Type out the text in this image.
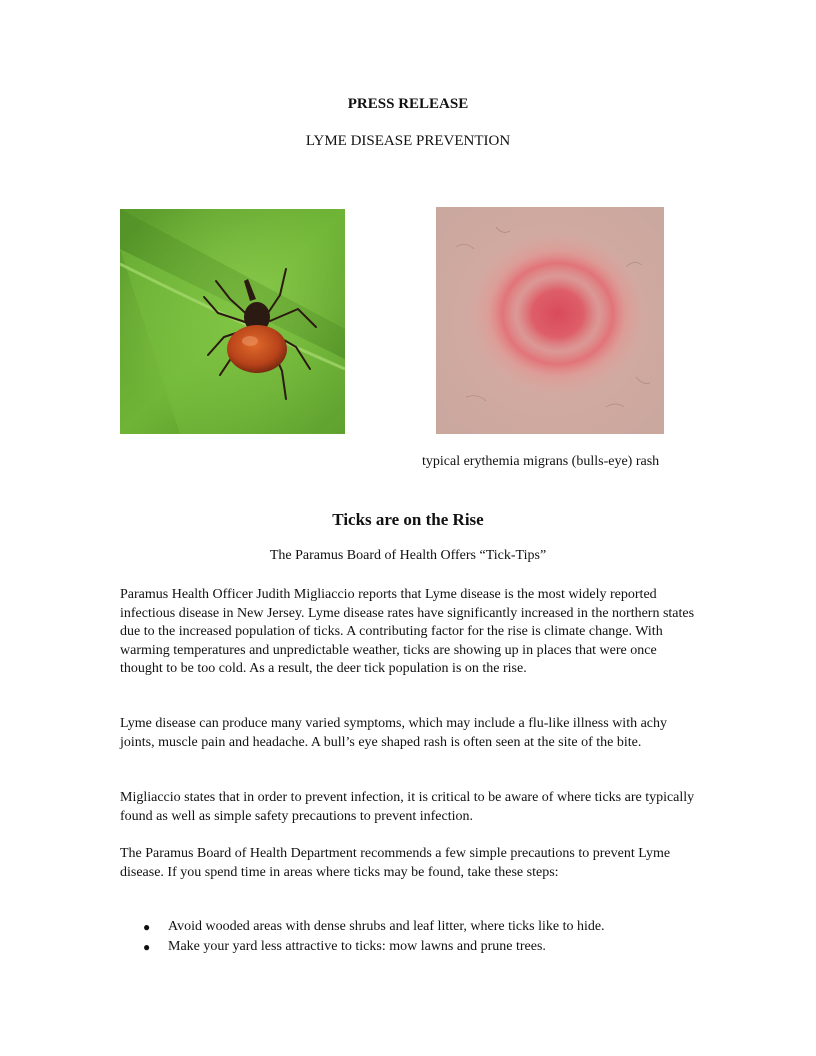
PRESS RELEASE
LYME DISEASE PREVENTION
typical erythemia migrans (bulls-eye) rash
Ticks are on the Rise
The Paramus Board of Health Offers “Tick-Tips”

Paramus Health Officer Judith Migliaccio reports that Lyme disease is the most widely reported infectious disease in New Jersey. Lyme disease rates have significantly increased in the northern states due to the increased population of ticks. A contributing factor for the rise is climate change. With warming temperatures and unpredictable weather, ticks are showing up in places that were once thought to be too cold. As a result, the deer tick population is on the rise.

Lyme disease can produce many varied symptoms, which may include a flu-like illness with achy joints, muscle pain and headache. A bull’s eye shaped rash is often seen at the site of the bite.

Migliaccio states that in order to prevent infection, it is critical to be aware of where ticks are typically found as well as simple safety precautions to prevent infection.

The Paramus Board of Health Department recommends a few simple precautions to prevent Lyme disease. If you spend time in areas where ticks may be found, take these steps:

● Avoid wooded areas with dense shrubs and leaf litter, where ticks like to hide.
● Make your yard less attractive to ticks: mow lawns and prune trees.
